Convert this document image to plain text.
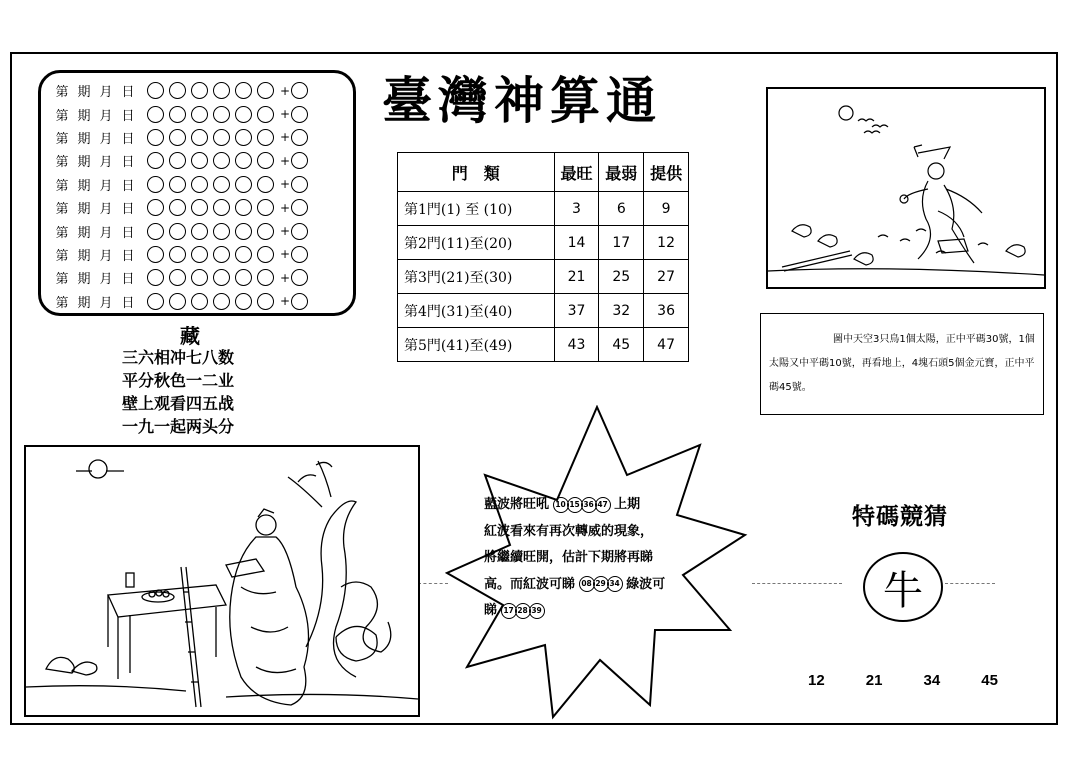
第 期 月 日	+
第 期 月 日	+
第 期 月 日	+
第 期 月 日	+
第 期 月 日	+
第 期 月 日	+
第 期 月 日	+
第 期 月 日	+
第 期 月 日	+
第 期 月 日	+
臺灣神算通
門　類	最旺	最弱	提供
第1門(1) 至 (10)	3	6	9
第2門(11)至(20)	14	17	12
第3門(21)至(30)	21	25	27
第4門(31)至(40)	37	32	36
第5門(41)至(49)	43	45	47
藏
三六相冲七八数
平分秋色一二业
壁上观看四五战
一九一起两头分
圖中天空3只鳥1個太陽，正中平碼30號，1個太陽又中平碼10號，再看地上，4塊石頭5個金元寶，正中平碼45號。
藍波將旺吼 10 15 36 47 上期
紅波看來有再次轉威的現象，
將繼續旺開，估計下期將再睇
高。而紅波可睇 08 29 34 綠波可
睇 17 28 39
特碼競猜
牛
12	21	34	45
